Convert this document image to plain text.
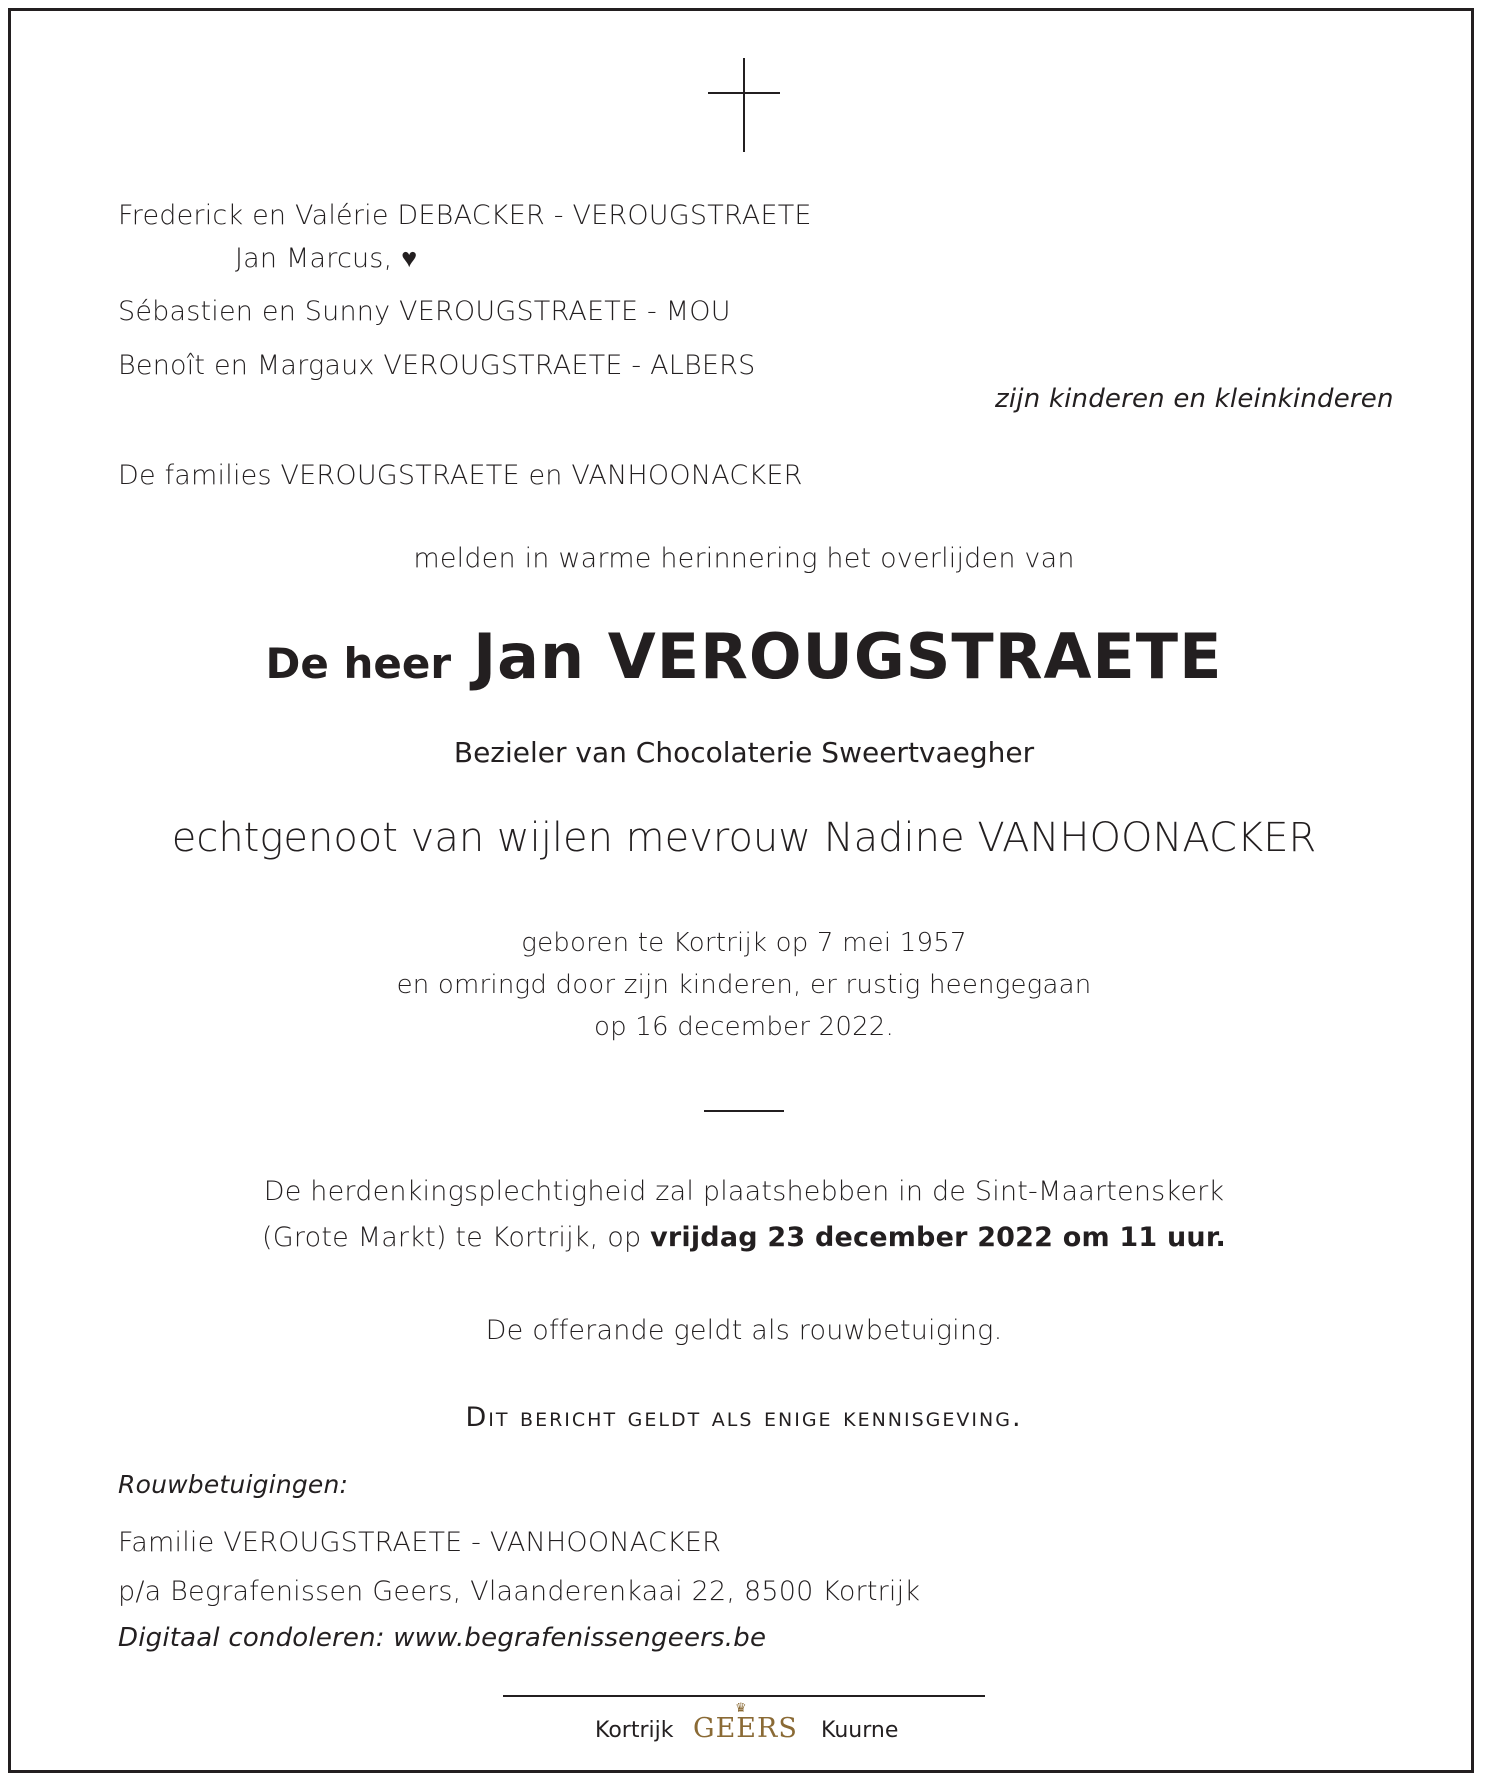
Frederick en Valérie DEBACKER - VEROUGSTRAETE
Jan Marcus, ♥
Sébastien en Sunny VEROUGSTRAETE - MOU
Benoît en Margaux VEROUGSTRAETE - ALBERS
zijn kinderen en kleinkinderen
De families VEROUGSTRAETE en VANHOONACKER
melden in warme herinnering het overlijden van
De heer Jan VEROUGSTRAETE
Bezieler van Chocolaterie Sweertvaegher
echtgenoot van wijlen mevrouw Nadine VANHOONACKER
geboren te Kortrijk op 7 mei 1957
en omringd door zijn kinderen, er rustig heengegaan
op 16 december 2022.
De herdenkingsplechtigheid zal plaatshebben in de Sint-Maartenskerk
(Grote Markt) te Kortrijk, op vrijdag 23 december 2022 om 11 uur.
De offerande geldt als rouwbetuiging.
Dit bericht geldt als enige kennisgeving.
Rouwbetuigingen:
Familie VEROUGSTRAETE - VANHOONACKER
p/a Begrafenissen Geers, Vlaanderenkaai 22, 8500 Kortrijk
Digitaal condoleren: www.begrafenissengeers.be
Kortrijk
♛
GEERS Kuurne
